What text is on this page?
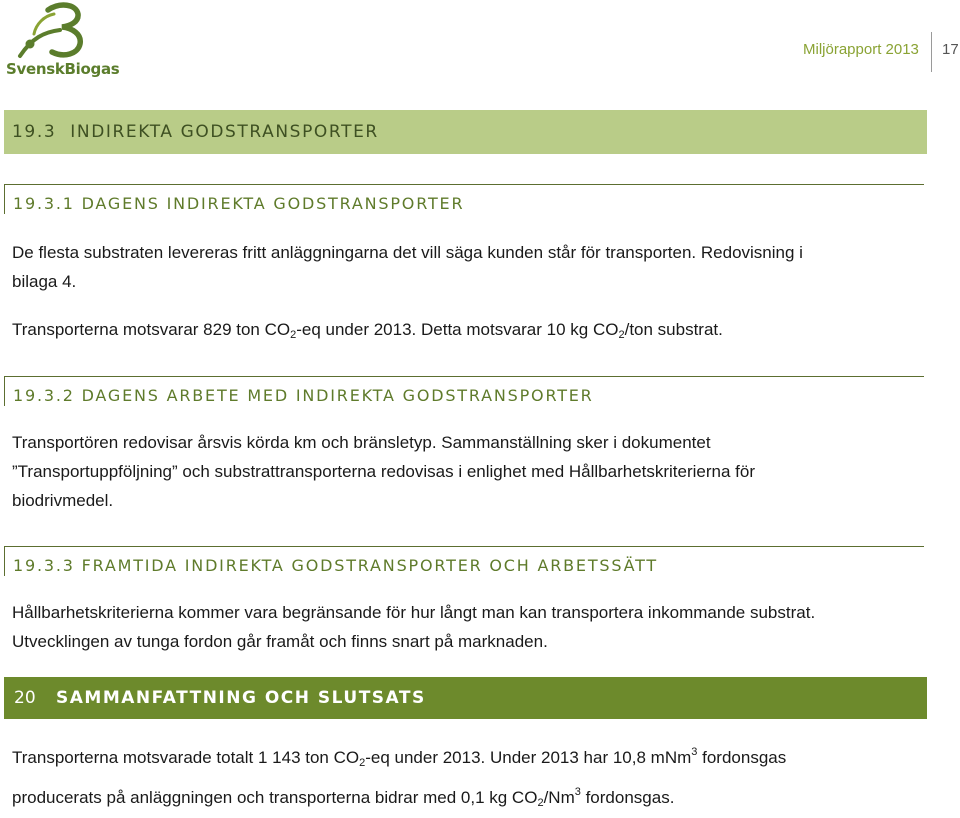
SvenskBiogas
Miljörapport 2013 17
19.3 INDIREKTA GODSTRANSPORTER
19.3.1 DAGENS INDIREKTA GODSTRANSPORTER
De flesta substraten levereras fritt anläggningarna det vill säga kunden står för transporten. Redovisning i
bilaga 4.
Transporterna motsvarar 829 ton $CO_2-eq$ under 2013. Detta motsvarar 10 kg $CO_2$/ton substrat.
19.3.2 DAGENS ARBETE MED INDIREKTA GODSTRANSPORTER
Transportören redovisar årsvis körda km och bränsletyp. Sammanställning sker i dokumentet
”Transportuppföljning” och substrattransporterna redovisas i enlighet med Hållbarhetskriterierna för
biodrivmedel.
19.3.3 FRAMTIDA INDIREKTA GODSTRANSPORTER OCH ARBETSSÄTT
Hållbarhetskriterierna kommer vara begränsande för hur långt man kan transportera inkommande substrat.
Utvecklingen av tunga fordon går framåt och finns snart på marknaden.
20 SAMMANFATTNING OCH SLUTSATS
Transporterna motsvarade totalt 1 143 ton $CO_2-eq$ under 2013. Under 2013 har 10,8 mNm$^3$ fordonsgas
producerats på anläggningen och transporterna bidrar med 0,1 kg $CO_2/Nm^3$ fordonsgas.
